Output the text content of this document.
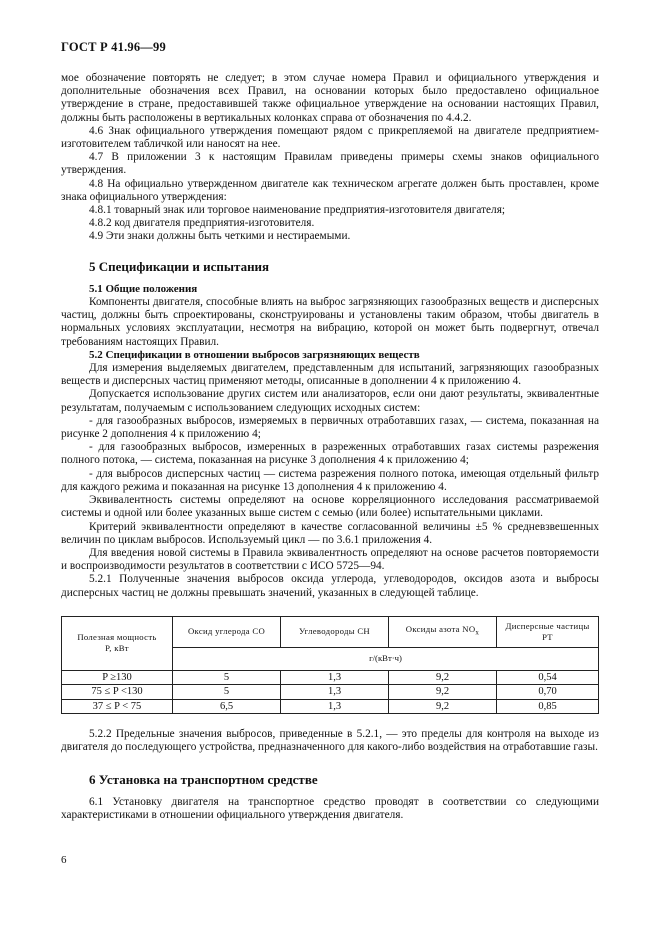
ГОСТ Р 41.96—99

мое обозначение повторять не следует; в этом случае номера Правил и официального утверждения и дополнительные обозначения всех Правил, на основании которых было предоставлено официальное утверждение в стране, предоставившей также официальное утверждение на основании настоящих Правил, должны быть расположены в вертикальных колонках справа от обозначения по 4.4.2.

4.6 Знак официального утверждения помещают рядом с прикрепляемой на двигателе предприятием-изготовителем табличкой или наносят на нее.

4.7 В приложении 3 к настоящим Правилам приведены примеры схемы знаков официального утверждения.

4.8 На официально утвержденном двигателе как техническом агрегате должен быть проставлен, кроме знака официального утверждения:

4.8.1 товарный знак или торговое наименование предприятия-изготовителя двигателя;

4.8.2 код двигателя предприятия-изготовителя.

4.9 Эти знаки должны быть четкими и нестираемыми.

5 Спецификации и испытания

5.1 Общие положения

Компоненты двигателя, способные влиять на выброс загрязняющих газообразных веществ и дисперсных частиц, должны быть спроектированы, сконструированы и установлены таким образом, чтобы двигатель в нормальных условиях эксплуатации, несмотря на вибрацию, которой он может быть подвергнут, отвечал требованиям настоящих Правил.

5.2 Спецификации в отношении выбросов загрязняющих веществ

Для измерения выделяемых двигателем, представленным для испытаний, загрязняющих газообразных веществ и дисперсных частиц применяют методы, описанные в дополнении 4 к приложению 4.

Допускается использование других систем или анализаторов, если они дают результаты, эквивалентные результатам, получаемым с использованием следующих исходных систем:

- для газообразных выбросов, измеряемых в первичных отработавших газах, — система, показанная на рисунке 2 дополнения 4 к приложению 4;

- для газообразных выбросов, измеренных в разреженных отработавших газах системы разрежения полного потока, — система, показанная на рисунке 3 дополнения 4 к приложению 4;

- для выбросов дисперсных частиц — система разрежения полного потока, имеющая отдельный фильтр для каждого режима и показанная на рисунке 13 дополнения 4 к приложению 4.

Эквивалентность системы определяют на основе корреляционного исследования рассматриваемой системы и одной или более указанных выше систем с семью (или более) испытательными циклами.

Критерий эквивалентности определяют в качестве согласованной величины ±5 % средневзвешенных величин по циклам выбросов. Используемый цикл — по 3.6.1 приложения 4.

Для введения новой системы в Правила эквивалентность определяют на основе расчетов повторяемости и воспроизводимости результатов в соответствии с ИСО 5725—94.

5.2.1 Полученные значения выбросов оксида углерода, углеводородов, оксидов азота и выбросы дисперсных частиц не должны превышать значений, указанных в следующей таблице.

Полезная мощность
P, кВт	Оксид углерода CO	Углеводороды CH	Оксиды азота $NO_x$	Дисперсные частицы
PT
	г/(кВт·ч)			
P ≥130	5	1,3	9,2	0,54
75 ≤ P <130	5	1,3	9,2	0,70
37 ≤ P < 75	6,5	1,3	9,2	0,85

5.2.2 Предельные значения выбросов, приведенные в 5.2.1, — это пределы для контроля на выходе из двигателя до последующего устройства, предназначенного для какого-либо воздействия на отработавшие газы.

6 Установка на транспортном средстве

6.1 Установку двигателя на транспортное средство проводят в соответствии со следующими характеристиками в отношении официального утверждения двигателя.

6
